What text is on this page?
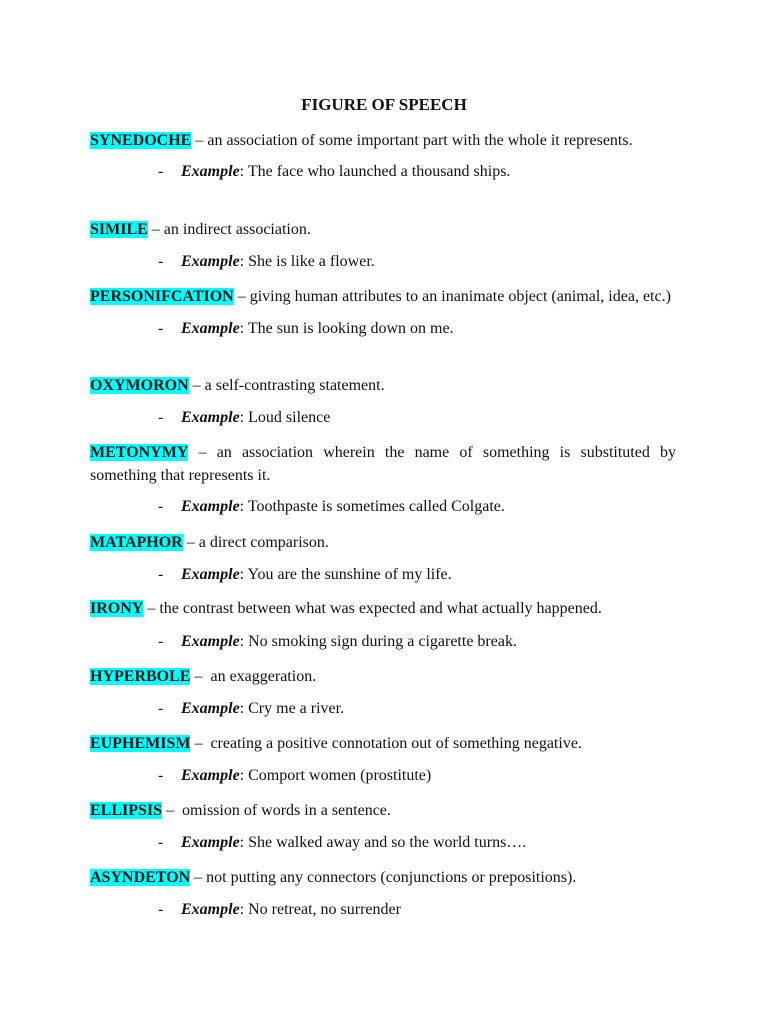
FIGURE OF SPEECH
SYNEDOCHE – an association of some important part with the whole it represents.
- Example: The face who launched a thousand ships.
SIMILE – an indirect association.
- Example: She is like a flower.
PERSONIFCATION – giving human attributes to an inanimate object (animal, idea, etc.)
- Example: The sun is looking down on me.
OXYMORON – a self-contrasting statement.
- Example: Loud silence
METONYMY – an association wherein the name of something is substituted by something that represents it.
- Example: Toothpaste is sometimes called Colgate.
MATAPHOR – a direct comparison.
- Example: You are the sunshine of my life.
IRONY – the contrast between what was expected and what actually happened.
- Example: No smoking sign during a cigarette break.
HYPERBOLE –  an exaggeration.
- Example: Cry me a river.
EUPHEMISM –  creating a positive connotation out of something negative.
- Example: Comport women (prostitute)
ELLIPSIS –  omission of words in a sentence.
- Example: She walked away and so the world turns….
ASYNDETON – not putting any connectors (conjunctions or prepositions).
- Example: No retreat, no surrender
